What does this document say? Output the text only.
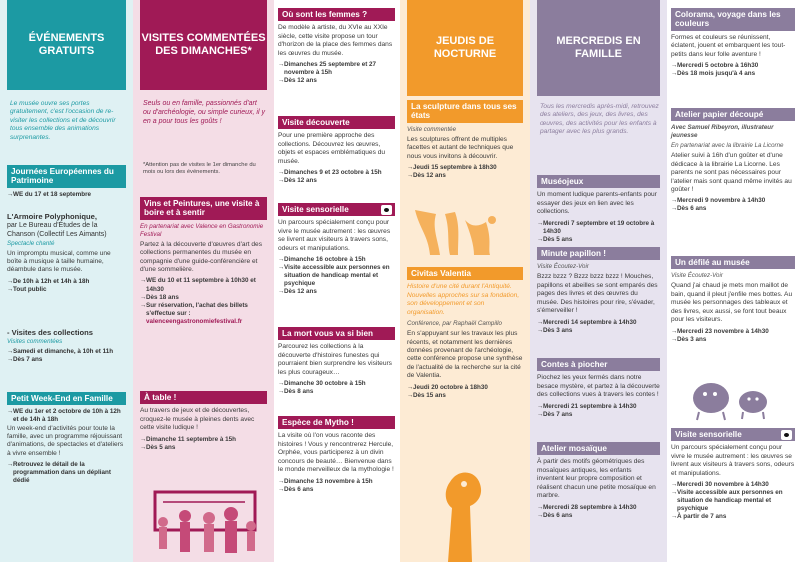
ÉVÉNEMENTS GRATUITS
Le musée ouvre ses portes gratuitement, c'est l'occasion de re-visiter les collections et de découvrir tous ensemble des animations surprenantes.
Journées Européennes du Patrimoine
→ WE du 17 et 18 septembre
L'Armoire Polyphonique,
par Le Bureau d'Études de la Chanson (Collectif Les Aimants)
Spectacle chanté
Un impromptu musical, comme une boîte à musique à taille humaine, déambule dans le musée.
→ De 10h à 12h et 14h à 18h
→ Tout public
- Visites des collections
Visites commentées
→ Samedi et dimanche, à 10h et 11h
→ Dès 7 ans
Petit Week-End en Famille
→ WE du 1er et 2 octobre de 10h à 12h et de 14h à 18h
Un week-end d'activités pour toute la famille, avec un programme réjouissant d'animations, de spectacles et d'ateliers à vivre ensemble !
→ Retrouvez le détail de la programmation dans un dépliant dédié
VISITES COMMENTÉES DES DIMANCHES*
Seuls ou en famille, passionnés d'art ou d'archéologie, ou simple curieux, il y en a pour tous les goûts !
*Attention pas de visites le 1er dimanche du mois ou lors des événements.
Vins et Peintures, une visite à boire et à sentir
En partenariat avec Valence en Gastronomie Festival
Partez à la découverte d'œuvres d'art des collections permanentes du musée en compagnie d'une guide-conférencière et d'une sommelière.
→ WE du 10 et 11 septembre à 10h30 et 14h30
→ Dès 18 ans
→ Sur réservation, l'achat des billets s'effectue sur :
valenceengastronomiefestival.fr
À table !
Au travers de jeux et de découvertes, croquez-le musée à pleines dents avec cette visite ludique !
→ Dimanche 11 septembre à 15h
→ Dès 5 ans
Où sont les femmes ?
De modèle à artiste, du XVIe au XXIe siècle, cette visite propose un tour d'horizon de la place des femmes dans les œuvres du musée.
→ Dimanches 25 septembre et 27 novembre à 15h
→ Dès 12 ans
Visite découverte
Pour une première approche des collections. Découvrez les œuvres, objets et espaces emblématiques du musée.
→ Dimanches 9 et 23 octobre à 15h
→ Dès 12 ans
Visite sensorielle
Un parcours spécialement conçu pour vivre le musée autrement : les œuvres se livrent aux visiteurs à travers sons, odeurs et manipulations.
→ Dimanche 16 octobre à 15h
→ Visite accessible aux personnes en situation de handicap mental et psychique
→ Dès 12 ans
La mort vous va si bien
Parcourez les collections à la découverte d'histoires funestes qui pourraient bien surprendre les visiteurs les plus courageux…
→ Dimanche 30 octobre à 15h
→ Dès 8 ans
Espèce de Mytho !
La visite où l'on vous raconte des histoires ! Vous y rencontrerez Hercule, Orphée, vous participerez à un divin concours de beauté… Bienvenue dans le monde merveilleux de la mythologie !
→ Dimanche 13 novembre à 15h
→ Dès 6 ans
JEUDIS DE NOCTURNE
La sculpture dans tous ses états
Visite commentée
Les sculptures offrent de multiples facettes et autant de techniques que nous vous invitons à découvrir.
→ Jeudi 15 septembre à 18h30
→ Dès 12 ans
Civitas Valentia
Histoire d'une cité durant l'Antiquité. Nouvelles approches sur sa fondation, son développement et son organisation.
Conférence, par Raphaël Campillo
En s'appuyant sur les travaux les plus récents, et notamment les dernières données provenant de l'archéologie, cette conférence propose une synthèse de l'actualité de la recherche sur la cité de Valentia.
→ Jeudi 20 octobre à 18h30
→ Dès 15 ans
MERCREDIS EN FAMILLE
Tous les mercredis après-midi, retrouvez des ateliers, des jeux, des livres, des œuvres, des activités pour les enfants à partager avec les plus grands.
Muséojeux
Un moment ludique parents-enfants pour essayer des jeux en lien avec les collections.
→ Mercredi 7 septembre et 19 octobre à 14h30
→ Dès 5 ans
Minute papillon !
Visite Écoutez-Voir
Bzzz bzzz ? Bzzz bzzz bzzz ! Mouches, papillons et abeilles se sont emparés des pages des livres et des œuvres du musée. Des histoires pour rire, s'évader, s'émerveiller !
→ Mercredi 14 septembre à 14h30
→ Dès 3 ans
Contes à piocher
Piochez les yeux fermés dans notre besace mystère, et partez à la découverte des collections vues à travers les contes !
→ Mercredi 21 septembre à 14h30
→ Dès 7 ans
Atelier mosaïque
À partir des motifs géométriques des mosaïques antiques, les enfants inventent leur propre composition et réalisent chacun une petite mosaïque en marbre.
→ Mercredi 28 septembre à 14h30
→ Dès 6 ans
Colorama, voyage dans les couleurs
Formes et couleurs se réunissent, éclatent, jouent et embarquent les tout-petits dans leur folle aventure !
→ Mercredi 5 octobre à 16h30
→ Dès 18 mois jusqu'à 4 ans
Atelier papier découpé
Avec Samuel Ribeyron, illustrateur jeunesse
En partenariat avec la librairie La Licorne
Atelier suivi à 16h d'un goûter et d'une dédicace à la librairie La Licorne. Les parents ne sont pas nécessaires pour l'atelier mais sont quand même invités au goûter !
→ Mercredi 9 novembre à 14h30
→ Dès 6 ans
Un défilé au musée
Visite Écoutez-Voir
Quand j'ai chaud je mets mon maillot de bain, quand il pleut j'enfile mes bottes. Au musée les personnages des tableaux et des livres, eux aussi, se font tout beaux pour les visiteurs.
→ Mercredi 23 novembre à 14h30
→ Dès 3 ans
Visite sensorielle
Un parcours spécialement conçu pour vivre le musée autrement : les œuvres se livrent aux visiteurs à travers sons, odeurs et manipulations.
→ Mercredi 30 novembre à 14h30
→ Visite accessible aux personnes en situation de handicap mental et psychique
→ À partir de 7 ans
